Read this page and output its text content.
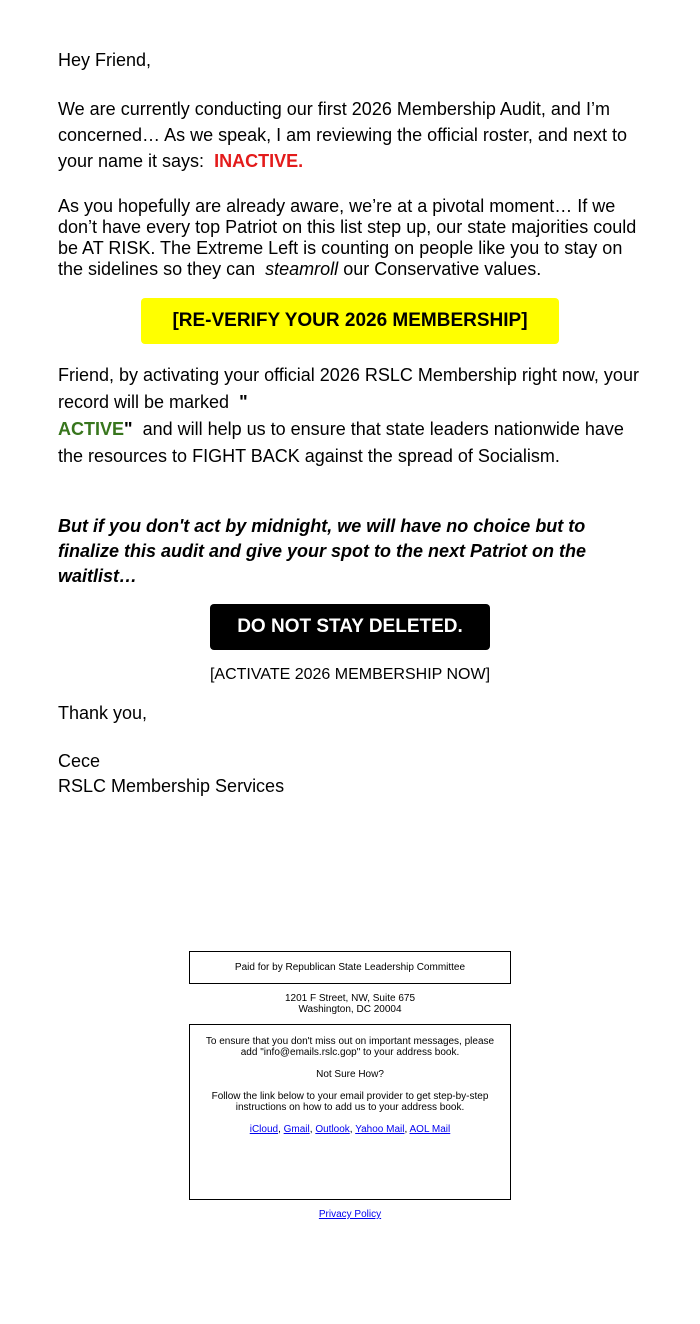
Hey Friend,

We are currently conducting our first 2026 Membership Audit, and I’m concerned… As we speak, I am reviewing the official roster, and next to your name it says: INACTIVE.

As you hopefully are already aware, we’re at a pivotal moment… If we don’t have every top Patriot on this list step up, our state majorities could be AT RISK. The Extreme Left is counting on people like you to stay on the sidelines so they can steamroll our Conservative values.

Friend, by activating your official 2026 RSLC Membership right now, your record will be marked "
ACTIVE" and will help us to ensure that state leaders nationwide have the resources to FIGHT BACK against the spread of Socialism.

But if you don't act by midnight, we will have no choice but to finalize this audit and give your spot to the next Patriot on the waitlist…

Thank you,

Cece

RSLC Membership Services

[RE-VERIFY YOUR 2026 MEMBERSHIP]
DO NOT STAY DELETED.
[ACTIVATE 2026 MEMBERSHIP NOW]
Paid for by Republican State Leadership Committee
1201 F Street, NW, Suite 675
Washington, DC 20004
To ensure that you don't miss out on important messages, please add "info@emails.rslc.gop" to your address book.
Not Sure How?
Follow the link below to your email provider to get step-by-step instructions on how to add us to your address book.
iCloud, Gmail, Outlook, Yahoo Mail, AOL Mail
Privacy Policy
